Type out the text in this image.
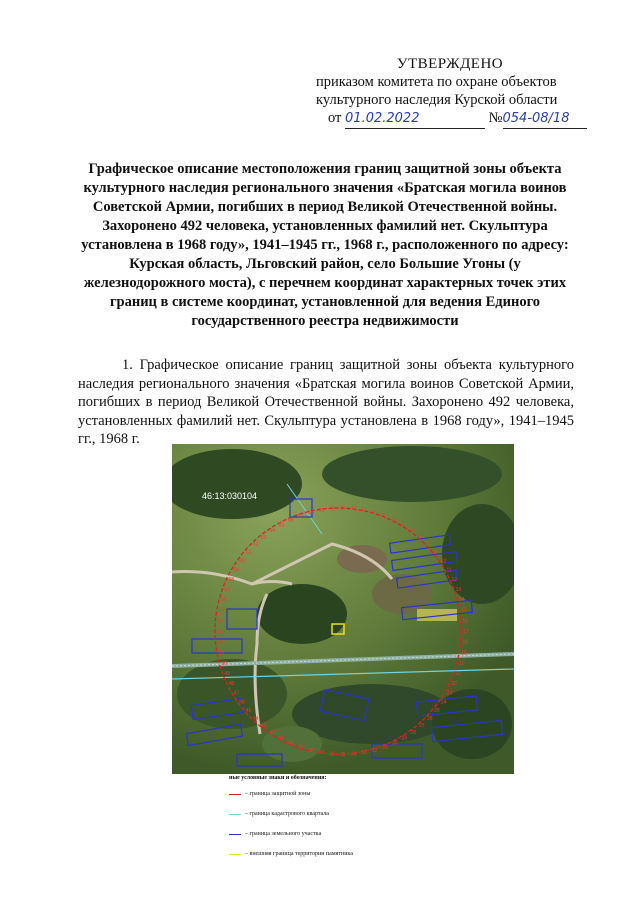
УТВЕРЖДЕНО
приказом комитета по охране объектов
культурного наследия Курской области
от 01.02.2022	№054-08/18
Графическое описание местоположения границ защитной зоны объекта культурного наследия регионального значения «Братская могила воинов Советской Армии, погибших в период Великой Отечественной войны. Захоронено 492 человека, установленных фамилий нет. Скульптура установлена в 1968 году», 1941–1945 гг., 1968 г., расположенного по адресу: Курская область, Льговский район, село Большие Угоны (у железнодорожного моста), с перечнем координат характерных точек этих границ в системе координат, установленной для ведения Единого государственного реестра недвижимости
1. Графическое описание границ защитной зоны объекта культурного наследия регионального значения «Братская могила воинов Советской Армии, погибших в период Великой Отечественной войны. Захоронено 492 человека, установленных фамилий нет. Скульптура установлена в 1968 году», 1941–1945 гг., 1968 г.
1 2
3
4
5
6
7
8
9
10
11
12
13
14
15
16
17
18
19
20
21
22
23
24
25
26
27
28
29
30
31
32
33
34
35
36
37
38
39
40
41
42
43
44
45
46
47
48
49
50
51
52
53
54
55
56
57
58
59
60
61
62
63
64
65
66
67
68 69 70 71 72
46:13:030104
ные условные знаки и обозначения:
– граница защитной зоны
– граница кадастрового квартала
– граница земельного участка
– внешняя граница территории памятника
